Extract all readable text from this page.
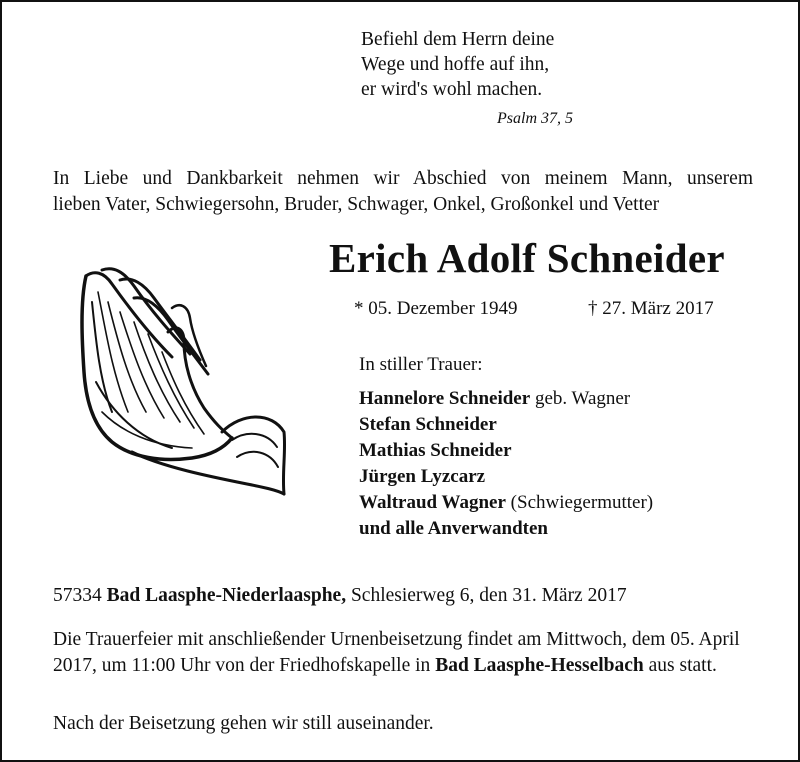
Befiehl dem Herrn deine
Wege und hoffe auf ihn,
er wird's wohl machen.
Psalm 37, 5
In Liebe und Dankbarkeit nehmen wir Abschied von meinem Mann, unserem
lieben Vater, Schwiegersohn, Bruder, Schwager, Onkel, Großonkel und Vetter
Erich Adolf Schneider
* 05. Dezember 1949	† 27. März 2017
In stiller Trauer:
Hannelore Schneider geb. Wagner
Stefan Schneider
Mathias Schneider
Jürgen Lyzcarz
Waltraud Wagner (Schwiegermutter)
und alle Anverwandten
57334 Bad Laasphe-Niederlaasphe, Schlesierweg 6, den 31. März 2017
Die Trauerfeier mit anschließender Urnenbeisetzung findet am Mittwoch, dem 05. April 2017, um 11:00 Uhr von der Friedhofskapelle in Bad Laasphe-Hesselbach aus statt.
Nach der Beisetzung gehen wir still auseinander.
